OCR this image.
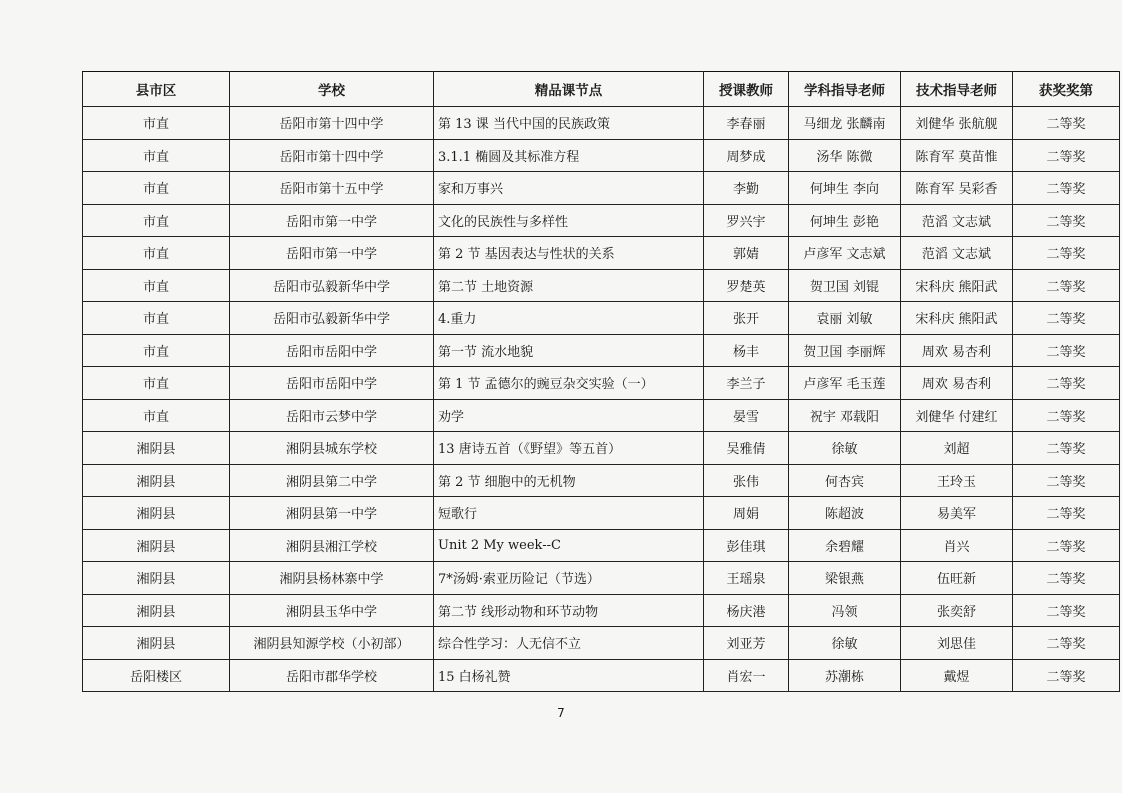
县市区	学校	精品课节点	授课教师	学科指导老师	技术指导老师	获奖奖第
市直	岳阳市第十四中学	第 13 课 当代中国的民族政策	李春丽	马细龙 张麟南	刘健华 张航舰	二等奖
市直	岳阳市第十四中学	3.1.1 椭圆及其标准方程	周梦成	汤华 陈微	陈育军 莫苗惟	二等奖
市直	岳阳市第十五中学	家和万事兴	李勤	何坤生 李向	陈育军 吴彩香	二等奖
市直	岳阳市第一中学	文化的民族性与多样性	罗兴宇	何坤生 彭艳	范滔 文志斌	二等奖
市直	岳阳市第一中学	第 2 节 基因表达与性状的关系	郭婧	卢彦军 文志斌	范滔 文志斌	二等奖
市直	岳阳市弘毅新华中学	第二节 土地资源	罗楚英	贺卫国 刘锟	宋科庆 熊阳武	二等奖
市直	岳阳市弘毅新华中学	4.重力	张开	袁丽 刘敏	宋科庆 熊阳武	二等奖
市直	岳阳市岳阳中学	第一节 流水地貌	杨丰	贺卫国 李丽辉	周欢 易杏利	二等奖
市直	岳阳市岳阳中学	第 1 节 孟德尔的豌豆杂交实验（一）	李兰子	卢彦军 毛玉莲	周欢 易杏利	二等奖
市直	岳阳市云梦中学	劝学	晏雪	祝宇 邓载阳	刘健华 付建红	二等奖
湘阴县	湘阴县城东学校	13 唐诗五首（《野望》等五首）	吴雅倩	徐敏	刘超	二等奖
湘阴县	湘阴县第二中学	第 2 节 细胞中的无机物	张伟	何杏宾	王玲玉	二等奖
湘阴县	湘阴县第一中学	短歌行	周娟	陈超波	易美军	二等奖
湘阴县	湘阴县湘江学校	Unit 2 My week--C	彭佳琪	余碧耀	肖兴	二等奖
湘阴县	湘阴县杨林寨中学	7*汤姆·索亚历险记（节选）	王瑶泉	梁银燕	伍旺新	二等奖
湘阴县	湘阴县玉华中学	第二节 线形动物和环节动物	杨庆港	冯领	张奕舒	二等奖
湘阴县	湘阴县知源学校（小初部）	综合性学习：人无信不立	刘亚芳	徐敏	刘思佳	二等奖
岳阳楼区	岳阳市郡华学校	15 白杨礼赞	肖宏一	苏潮栋	戴煜	二等奖
7
